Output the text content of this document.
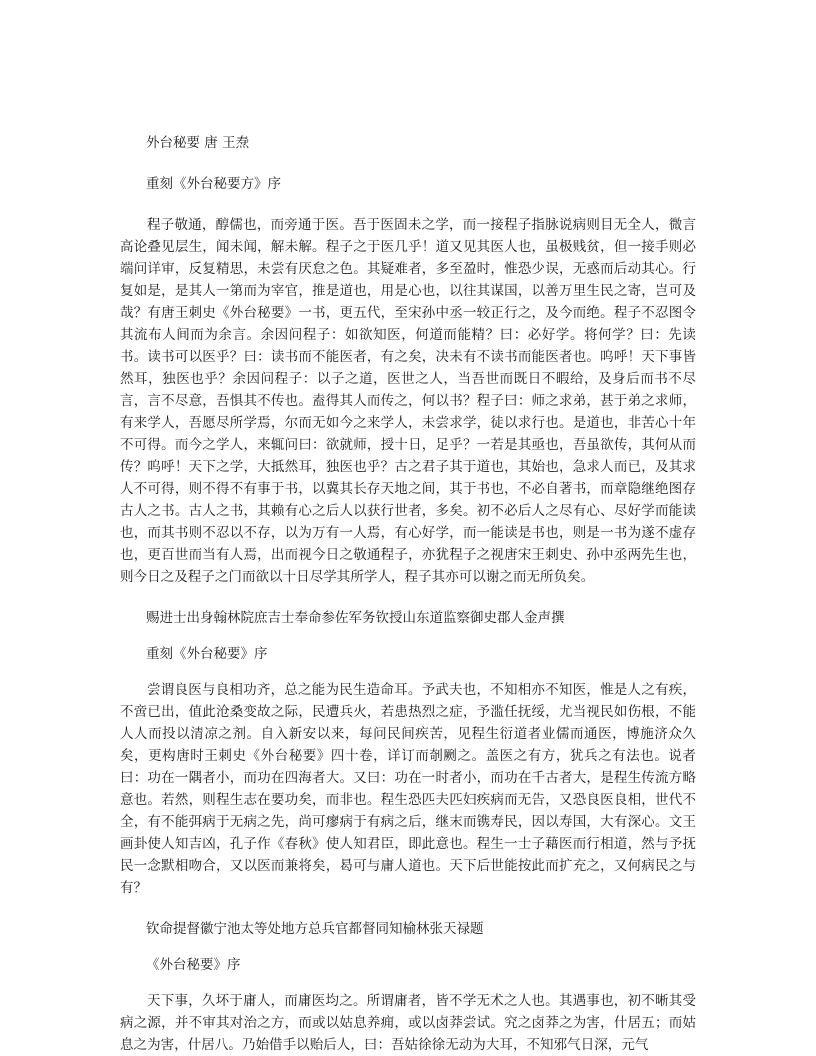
外台秘要 唐 王焘

重刻《外台秘要方》序

程子敬通，醇儒也，而旁通于医。吾于医固未之学，而一接程子指脉说病则目无全人，微言高论叠见层生，闻未闻，解未解。程子之于医几乎！道又见其医人也，虽极贱贫，但一接手则必端问详审，反复精思，未尝有厌怠之色。其疑难者，多至盈时，惟恐少误，无惑而后动其心。行复如是，是其人一第而为宰官，推是道也，用是心也，以往其谋国，以善万里生民之寄，岂可及哉？有唐王刺史《外台秘要》一书，更五代，至宋孙中丞一较正行之，及今而绝。程子不忍图令其流布人间而为余言。余因问程子：如欲知医，何道而能精？曰：必好学。将何学？曰：先读书。读书可以医乎？曰：读书而不能医者，有之矣，决未有不读书而能医者也。呜呼！天下事皆然耳，独医也乎？余因问程子：以子之道，医世之人，当吾世而既日不暇给，及身后而书不尽言，言不尽意，吾惧其不传也。盍得其人而传之，何以书？程子曰：师之求弟，甚于弟之求师，有来学人，吾愿尽所学焉，尔而无如今之来学人，未尝求学，徒以求行也。是道也，非苦心十年不可得。而今之学人，来辄问曰：欲就师，授十日，足乎？一若是其亟也，吾虽欲传，其何从而传？呜呼！天下之学，大抵然耳，独医也乎？古之君子其于道也，其始也，急求人而已，及其求人不可得，则不得不有事于书，以冀其长存天地之间，其于书也，不必自著书，而章隐继绝图存古人之书。古人之书，其赖有心之后人以获行世者，多矣。初不必后人之尽有心、尽好学而能读也，而其书则不忍以不存，以为万有一人焉，有心好学，而一能读是书也，则是一书为遂不虚存也，更百世而当有人焉，出而视今日之敬通程子，亦犹程子之视唐宋王刺史、孙中丞两先生也，则今日之及程子之门而欲以十日尽学其所学人，程子其亦可以谢之而无所负矣。

赐进士出身翰林院庶吉士奉命参佐军务钦授山东道监察御史郡人金声撰

重刻《外台秘要》序

尝谓良医与良相功齐，总之能为民生造命耳。予武夫也，不知相亦不知医，惟是人之有疾，不啻已出，值此沧桑变故之际，民遭兵火，若患热烈之症，予滥任抚绥，尤当视民如伤根，不能人人而投以清凉之剂。自入新安以来，每问民间疾苦，见程生衍道者业儒而通医，博施济众久矣，更构唐时王刺史《外台秘要》四十卷，详订而剞劂之。盖医之有方，犹兵之有法也。说者曰：功在一隅者小，而功在四海者大。又曰：功在一时者小，而功在千古者大，是程生传流方略意也。若然，则程生志在要功矣，而非也。程生恐匹夫匹妇疾病而无告，又恐良医良相，世代不全，有不能弭病于无病之先，尚可瘳病于有病之后，继末而镌寿民，因以寿国，大有深心。文王画卦使人知吉凶，孔子作《春秋》使人知君臣，即此意也。程生一士子藉医而行相道，然与予抚民一念默相吻合，又以医而兼将矣，曷可与庸人道也。天下后世能按此而扩充之，又何病民之与有？

钦命提督徽宁池太等处地方总兵官都督同知榆林张天禄题

《外台秘要》序

天下事，久坏于庸人，而庸医均之。所谓庸者，皆不学无术之人也。其遇事也，初不晰其受病之源，并不审其对治之方，而或以姑息养痈，或以卤莽尝试。究之卤莽之为害，什居五；而姑息之为害，什居八。乃始借手以贻后人，曰：吾姑徐徐无动为大耳，不知邪气日深，元气
